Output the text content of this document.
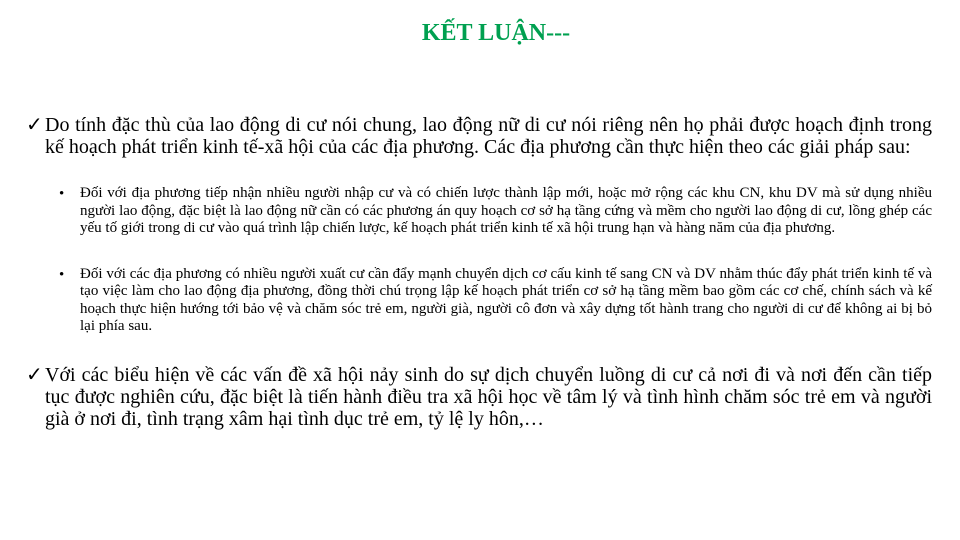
KẾT LUẬN---
✓ Do tính đặc thù của lao động di cư nói chung, lao động nữ di cư nói riêng nên họ phải được hoạch định trong kế hoạch phát triển kinh tế-xã hội của các địa phương. Các địa phương cần thực hiện theo các giải pháp sau:
•	Đối với địa phương tiếp nhận nhiều người nhập cư và có chiến lược thành lập mới, hoặc mở rộng các khu CN, khu DV mà sử dụng nhiều người lao động, đặc biệt là lao động nữ cần có các phương án quy hoạch cơ sở hạ tầng cứng và mềm cho người lao động di cư, lồng ghép các yếu tố giới trong di cư vào quá trình lập chiến lược, kế hoạch phát triển kinh tế xã hội trung hạn và hàng năm của địa phương.
•	Đối với các địa phương có nhiều người xuất cư cần đẩy mạnh chuyển dịch cơ cấu kinh tế sang CN và DV nhằm thúc đẩy phát triển kinh tế và tạo việc làm cho lao động địa phương, đồng thời chú trọng lập kế hoạch phát triển cơ sở hạ tầng mềm bao gồm các cơ chế, chính sách và kế hoạch thực hiện hướng tới bảo vệ và chăm sóc trẻ em, người già, người cô đơn và xây dựng tốt hành trang cho người di cư để không ai bị bỏ lại phía sau.
✓ Với các biểu hiện về các vấn đề xã hội nảy sinh do sự dịch chuyển luồng di cư cả nơi đi và nơi đến cần tiếp tục được nghiên cứu, đặc biệt là tiến hành điều tra xã hội học về tâm lý và tình hình chăm sóc trẻ em và người già ở nơi đi, tình trạng xâm hại tình dục trẻ em, tỷ lệ ly hôn,…
